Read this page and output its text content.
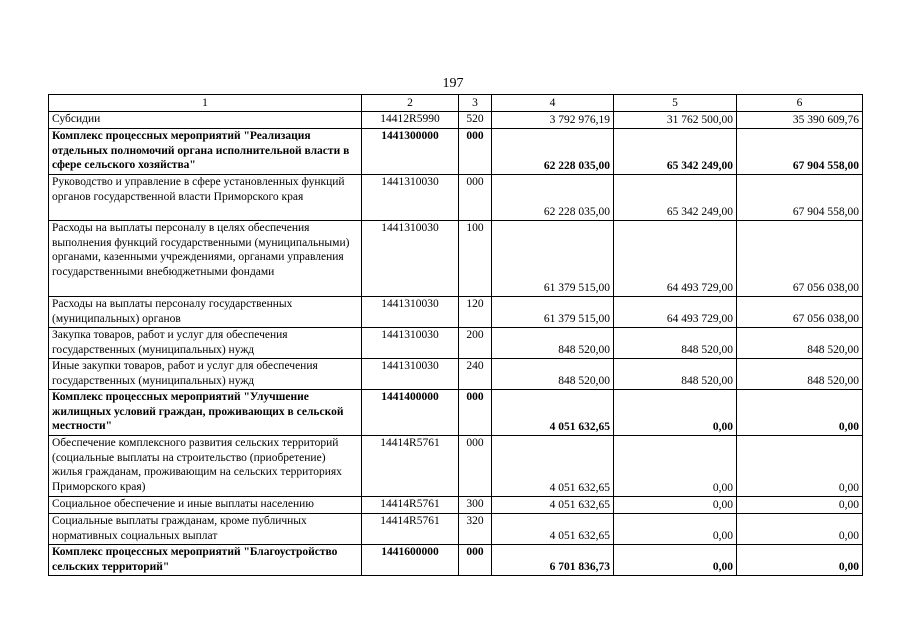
197
1	2	3	4	5	6
Субсидии	14412R5990	520	3 792 976,19	31 762 500,00	35 390 609,76
Комплекс процессных мероприятий "Реализация отдельных полномочий органа исполнительной власти в сфере сельского хозяйства"	1441300000	000	62 228 035,00	65 342 249,00	67 904 558,00
Руководство и управление в сфере установленных функций органов государственной власти Приморского края	1441310030	000	62 228 035,00	65 342 249,00	67 904 558,00
Расходы на выплаты персоналу в целях обеспечения выполнения функций государственными (муниципальными) органами, казенными учреждениями, органами управления государственными внебюджетными фондами	1441310030	100	61 379 515,00	64 493 729,00	67 056 038,00
Расходы на выплаты персоналу государственных (муниципальных) органов	1441310030	120	61 379 515,00	64 493 729,00	67 056 038,00
Закупка товаров, работ и услуг для обеспечения государственных (муниципальных) нужд	1441310030	200	848 520,00	848 520,00	848 520,00
Иные закупки товаров, работ и услуг для обеспечения государственных (муниципальных) нужд	1441310030	240	848 520,00	848 520,00	848 520,00
Комплекс процессных мероприятий "Улучшение жилищных условий граждан, проживающих в сельской местности"	1441400000	000	4 051 632,65	0,00	0,00
Обеспечение комплексного развития сельских территорий (социальные выплаты на строительство (приобретение) жилья гражданам, проживающим на сельских территориях Приморского края)	14414R5761	000	4 051 632,65	0,00	0,00
Социальное обеспечение и иные выплаты населению	14414R5761	300	4 051 632,65	0,00	0,00
Социальные выплаты гражданам, кроме публичных нормативных социальных выплат	14414R5761	320	4 051 632,65	0,00	0,00
Комплекс процессных мероприятий "Благоустройство сельских территорий"	1441600000	000	6 701 836,73	0,00	0,00
